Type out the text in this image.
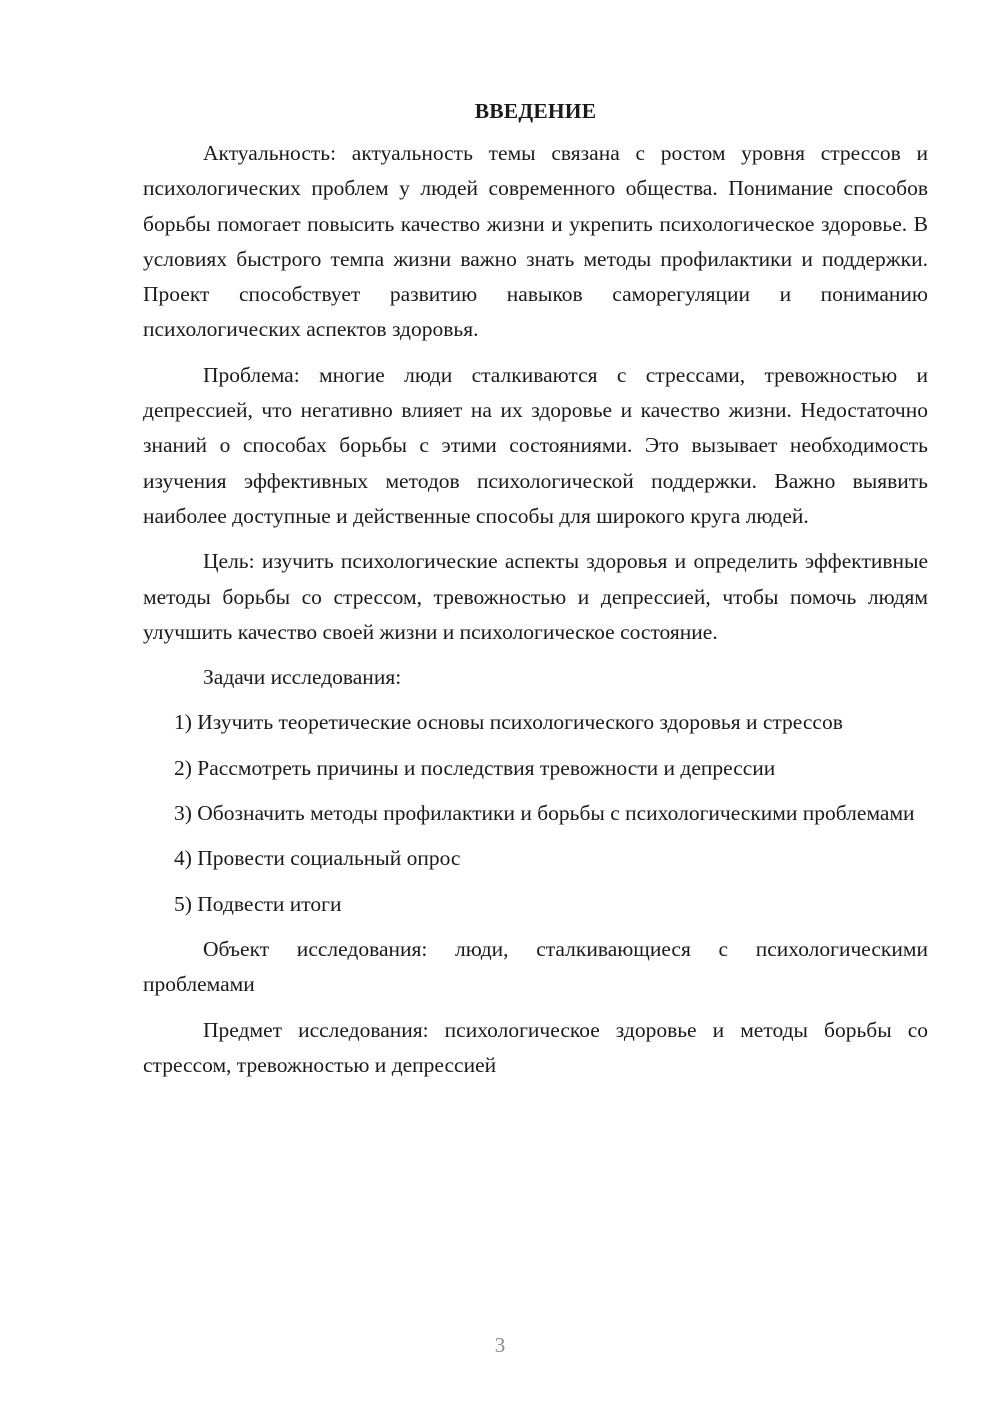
ВВЕДЕНИЕ

Актуальность: актуальность темы связана с ростом уровня стрессов и психологических проблем у людей современного общества. Понимание способов борьбы помогает повысить качество жизни и укрепить психологическое здоровье. В условиях быстрого темпа жизни важно знать методы профилактики и поддержки. Проект способствует развитию навыков саморегуляции и пониманию психологических аспектов здоровья.

Проблема: многие люди сталкиваются с стрессами, тревожностью и депрессией, что негативно влияет на их здоровье и качество жизни. Недостаточно знаний о способах борьбы с этими состояниями. Это вызывает необходимость изучения эффективных методов психологической поддержки. Важно выявить наиболее доступные и действенные способы для широкого круга людей.

Цель: изучить психологические аспекты здоровья и определить эффективные методы борьбы со стрессом, тревожностью и депрессией, чтобы помочь людям улучшить качество своей жизни и психологическое состояние.

Задачи исследования:

1) Изучить теоретические основы психологического здоровья и стрессов

2) Рассмотреть причины и последствия тревожности и депрессии

3) Обозначить методы профилактики и борьбы с психологическими проблемами

4) Провести социальный опрос

5) Подвести итоги

Объект исследования: люди, сталкивающиеся с психологическими проблемами

Предмет исследования: психологическое здоровье и методы борьбы со стрессом, тревожностью и депрессией

3
